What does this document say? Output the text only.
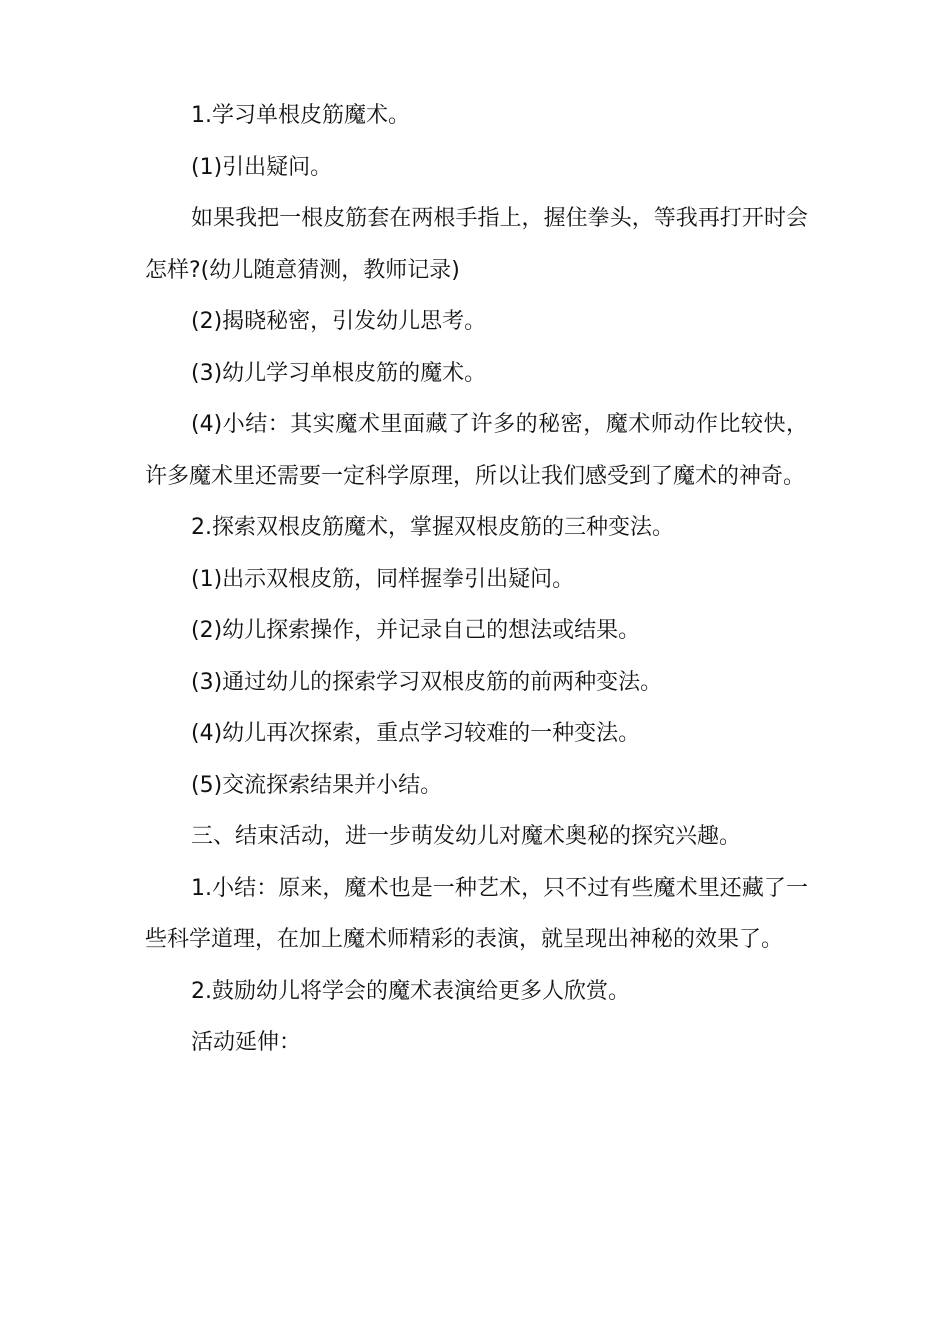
1.学习单根皮筋魔术。

(1)引出疑问。

如果我把一根皮筋套在两根手指上，握住拳头，等我再打开时会怎样?(幼儿随意猜测，教师记录)

(2)揭晓秘密，引发幼儿思考。

(3)幼儿学习单根皮筋的魔术。

(4)小结：其实魔术里面藏了许多的秘密，魔术师动作比较快，许多魔术里还需要一定科学原理，所以让我们感受到了魔术的神奇。

2.探索双根皮筋魔术，掌握双根皮筋的三种变法。

(1)出示双根皮筋，同样握拳引出疑问。

(2)幼儿探索操作，并记录自己的想法或结果。

(3)通过幼儿的探索学习双根皮筋的前两种变法。

(4)幼儿再次探索，重点学习较难的一种变法。

(5)交流探索结果并小结。

三、结束活动，进一步萌发幼儿对魔术奥秘的探究兴趣。

1.小结：原来，魔术也是一种艺术，只不过有些魔术里还藏了一些科学道理，在加上魔术师精彩的表演，就呈现出神秘的效果了。

2.鼓励幼儿将学会的魔术表演给更多人欣赏。

活动延伸：
